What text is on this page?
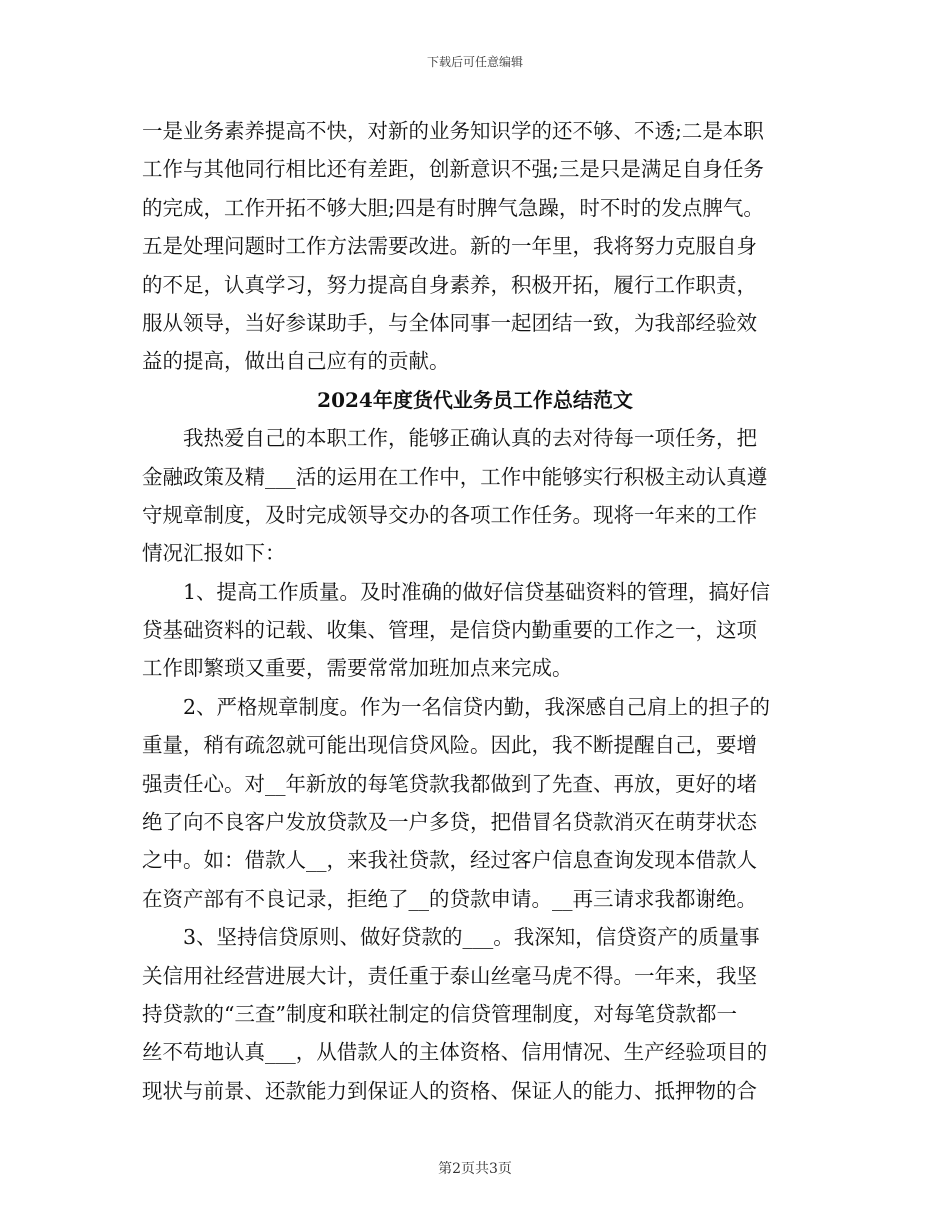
下载后可任意编辑
一是业务素养提高不快，对新的业务知识学的还不够、不透;二是本职
工作与其他同行相比还有差距，创新意识不强;三是只是满足自身任务
的完成，工作开拓不够大胆;四是有时脾气急躁，时不时的发点脾气。
五是处理问题时工作方法需要改进。新的一年里，我将努力克服自身
的不足，认真学习，努力提高自身素养，积极开拓，履行工作职责，
服从领导，当好参谋助手，与全体同事一起团结一致，为我部经验效
益的提高，做出自己应有的贡献。
2024年度货代业务员工作总结范文
　　我热爱自己的本职工作，能够正确认真的去对待每一项任务，把
金融政策及精___活的运用在工作中，工作中能够实行积极主动认真遵
守规章制度，及时完成领导交办的各项工作任务。现将一年来的工作
情况汇报如下：
　　1、提高工作质量。及时准确的做好信贷基础资料的管理，搞好信
贷基础资料的记载、收集、管理，是信贷内勤重要的工作之一，这项
工作即繁琐又重要，需要常常加班加点来完成。
　　2、严格规章制度。作为一名信贷内勤，我深感自己肩上的担子的
重量，稍有疏忽就可能出现信贷风险。因此，我不断提醒自己，要增
强责任心。对__年新放的每笔贷款我都做到了先查、再放，更好的堵
绝了向不良客户发放贷款及一户多贷，把借冒名贷款消灭在萌芽状态
之中。如：借款人__，来我社贷款，经过客户信息查询发现本借款人
在资产部有不良记录，拒绝了__的贷款申请。__再三请求我都谢绝。
　　3、坚持信贷原则、做好贷款的___。我深知，信贷资产的质量事
关信用社经营进展大计，责任重于泰山丝毫马虎不得。一年来，我坚
持贷款的“三查”制度和联社制定的信贷管理制度，对每笔贷款都一
丝不苟地认真___，从借款人的主体资格、信用情况、生产经验项目的
现状与前景、还款能力到保证人的资格、保证人的能力、抵押物的合
第2页共3页
